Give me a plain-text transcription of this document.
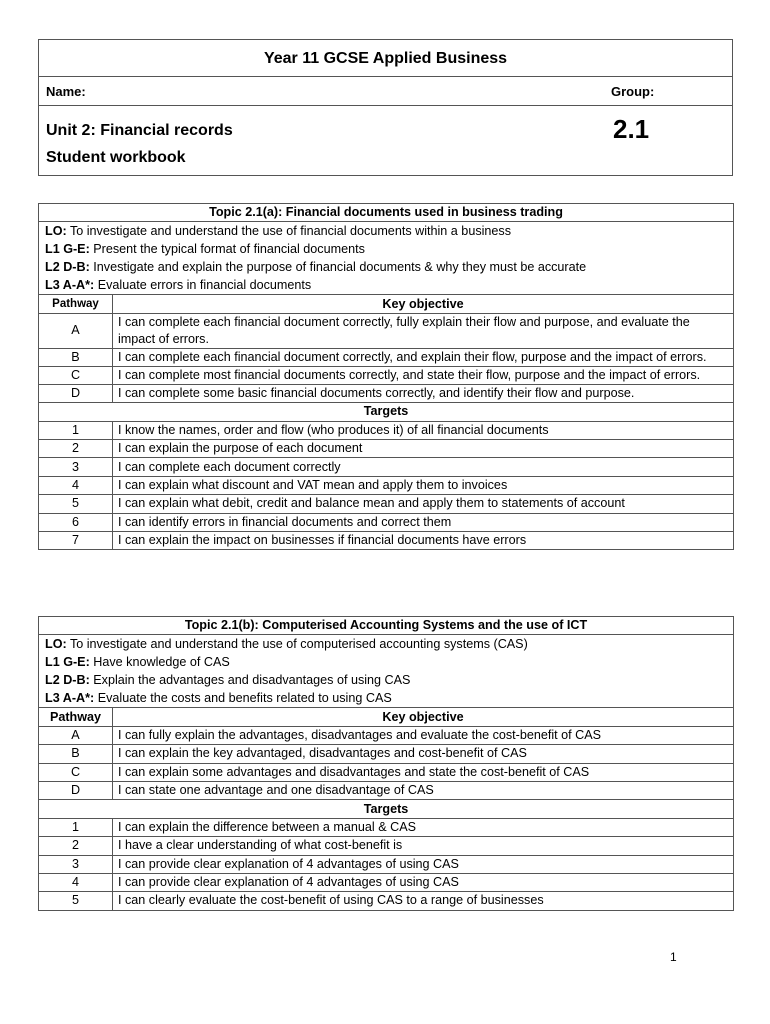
Year 11 GCSE Applied Business
Name:	Group:
Unit 2: Financial records
Student workbook
2.1
Topic 2.1(a): Financial documents used in business trading	

LO: To investigate and understand the use of financial documents within a business
L1 G-E: Present the typical format of financial documents
L2 D-B: Investigate and explain the purpose of financial documents & why they must be accurate
L3 A-A*: Evaluate errors in financial documents	

Pathway	Key objective
A	I can complete each financial document correctly, fully explain their flow and purpose, and evaluate the impact of errors.
B	I can complete each financial document correctly, and explain their flow, purpose and the impact of errors.
C	I can complete most financial documents correctly, and state their flow, purpose and the impact of errors.
D	I can complete some basic financial documents correctly, and identify their flow and purpose.
Targets	
1	I know the names, order and flow (who produces it) of all financial documents
2	I can explain the purpose of each document
3	I can complete each document correctly
4	I can explain what discount and VAT mean and apply them to invoices
5	I can explain what debit, credit and balance mean and apply them to statements of account
6	I can identify errors in financial documents and correct them
7	I can explain the impact on businesses if financial documents have errors
Topic 2.1(b): Computerised Accounting Systems and the use of ICT	

LO: To investigate and understand the use of computerised accounting systems (CAS)
L1 G-E: Have knowledge of CAS
L2 D-B: Explain the advantages and disadvantages of using CAS
L3 A-A*: Evaluate the costs and benefits related to using CAS	

Pathway	Key objective
A	I can fully explain the advantages, disadvantages and evaluate the cost-benefit of CAS
B	I can explain the key advantaged, disadvantages and cost-benefit of CAS
C	I can explain some advantages and disadvantages and state the cost-benefit of CAS
D	I can state one advantage and one disadvantage of CAS
Targets	
1	I can explain the difference between a manual & CAS
2	I have a clear understanding of what cost-benefit is
3	I can provide clear explanation of 4 advantages of using CAS
4	I can provide clear explanation of 4 advantages of using CAS
5	I can clearly evaluate the cost-benefit of using CAS to a range of businesses
1
